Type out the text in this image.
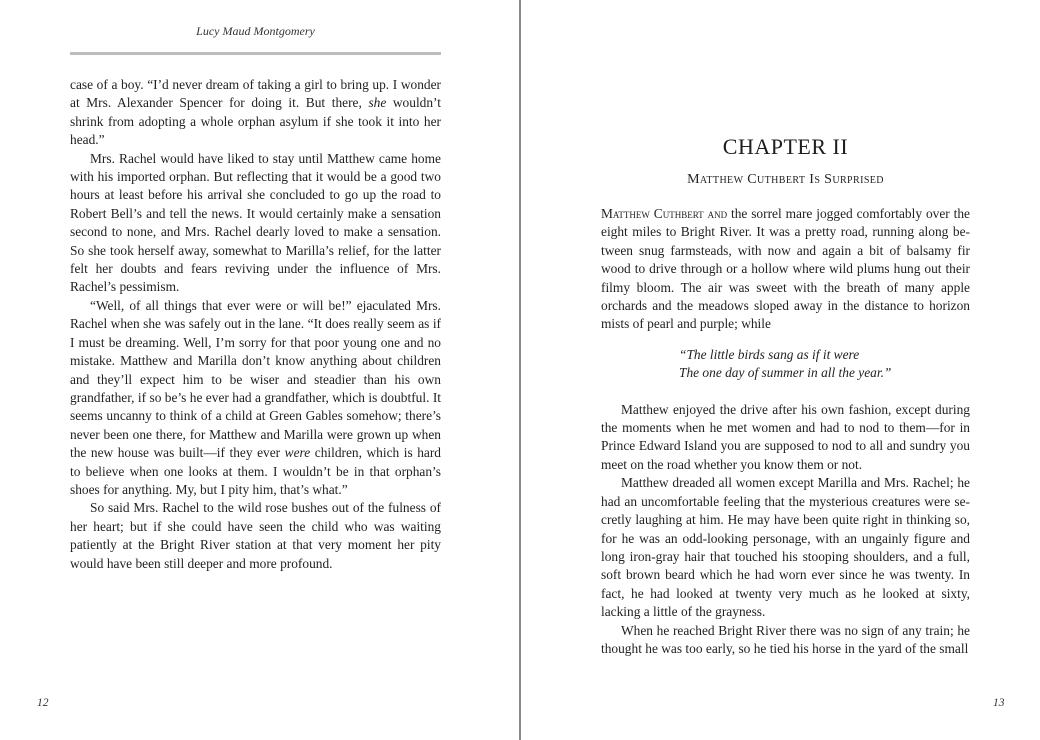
Lucy Maud Montgomery

case of a boy. “I’d never dream of taking a girl to bring up. I wonder at Mrs. Alexander Spencer for doing it. But there, she wouldn’t shrink from adopting a whole orphan asylum if she took it into her head.”

Mrs. Rachel would have liked to stay until Matthew came home with his imported orphan. But reflecting that it would be a good two hours at least before his arrival she concluded to go up the road to Robert Bell’s and tell the news. It would certainly make a sensation second to none, and Mrs. Rachel dearly loved to make a sensation. So she took herself away, somewhat to Marilla’s relief, for the latter felt her doubts and fears reviving under the influence of Mrs. Rachel’s pessimism.

“Well, of all things that ever were or will be!” ejaculated Mrs. Rachel when she was safely out in the lane. “It does really seem as if I must be dreaming. Well, I’m sorry for that poor young one and no mistake. Matthew and Marilla don’t know anything about children and they’ll expect him to be wiser and steadier than his own grandfather, if so be’s he ever had a grandfather, which is doubtful. It seems uncanny to think of a child at Green Gables somehow; there’s never been one there, for Matthew and Marilla were grown up when the new house was built—if they ever were children, which is hard to believe when one looks at them. I wouldn’t be in that orphan’s shoes for anything. My, but I pity him, that’s what.”

So said Mrs. Rachel to the wild rose bushes out of the fulness of her heart; but if she could have seen the child who was waiting patiently at the Bright River station at that very moment her pity would have been still deeper and more profound.

12
CHAPTER II
Matthew Cuthbert Is Surprised

Matthew Cuthbert and the sorrel mare jogged comfortably over the eight miles to Bright River. It was a pretty road, running along between snug farmsteads, with now and again a bit of balsamy fir wood to drive through or a hollow where wild plums hung out their filmy bloom. The air was sweet with the breath of many apple orchards and the meadows sloped away in the distance to horizon mists of pearl and purple; while

“The little birds sang as if it were
The one day of summer in all the year.”

Matthew enjoyed the drive after his own fashion, except during the moments when he met women and had to nod to them—for in Prince Edward Island you are supposed to nod to all and sundry you meet on the road whether you know them or not.

Matthew dreaded all women except Marilla and Mrs. Rachel; he had an uncomfortable feeling that the mysterious creatures were secretly laughing at him. He may have been quite right in thinking so, for he was an odd-looking personage, with an ungainly figure and long iron-gray hair that touched his stooping shoulders, and a full, soft brown beard which he had worn ever since he was twenty. In fact, he had looked at twenty very much as he looked at sixty, lacking a little of the grayness.

When he reached Bright River there was no sign of any train; he thought he was too early, so he tied his horse in the yard of the small

13
